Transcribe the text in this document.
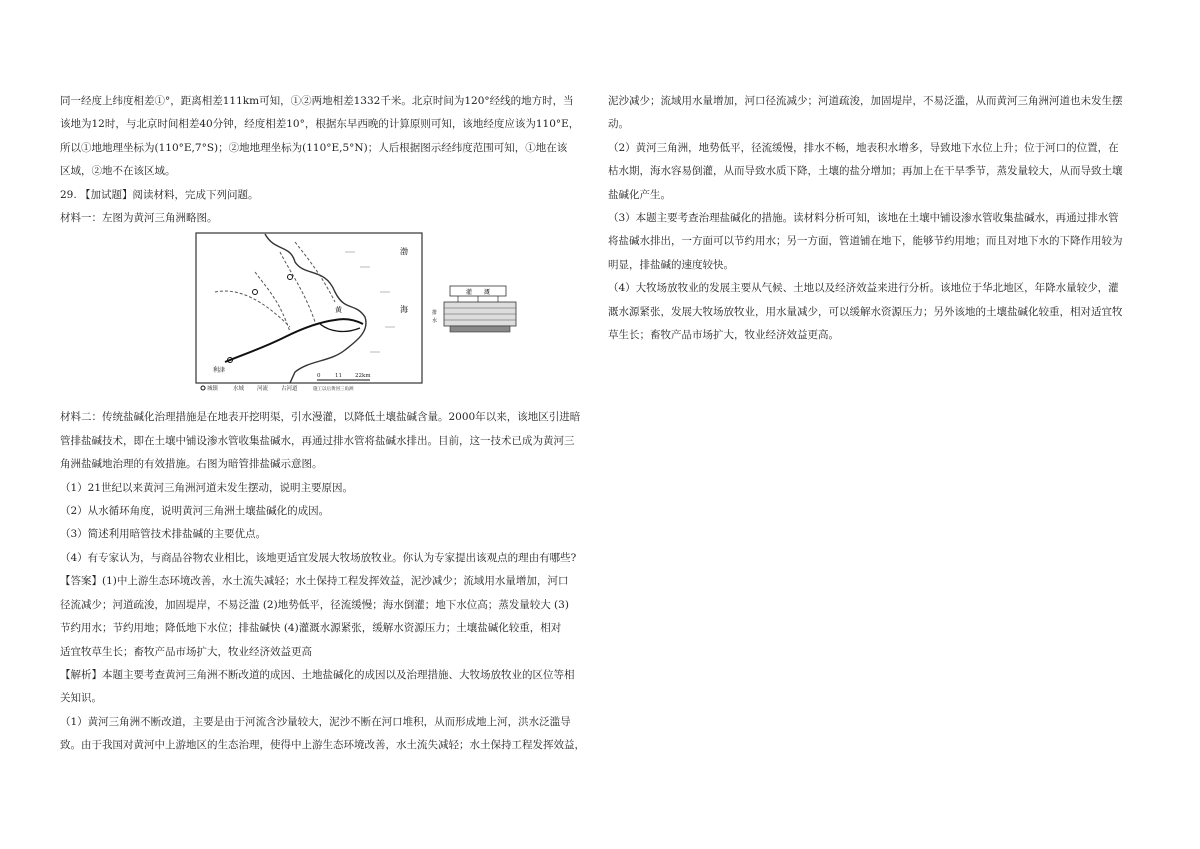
同一经度上纬度相差①°，距离相差111km可知，①②两地相差1332千米。北京时间为120°经线的地方时，当

该地为12时，与北京时间相差40分钟，经度相差10°，根据东早西晚的计算原则可知，该地经度应该为110°E，

所以①地地理坐标为(110°E,7°S)；②地地理坐标为(110°E,5°N)；人后根据图示经纬度范围可知，①地在该

区域，②地不在该区域。

29. 【加试题】阅读材料，完成下列问题。

材料一：左图为黄河三角洲略图。

渤
海
黄
利津
城镇	水域 河流 古河道
0	11 22km
施工以后黄河三角洲
灌 溉
排
水

材料二：传统盐碱化治理措施是在地表开挖明渠，引水漫灌，以降低土壤盐碱含量。2000年以来，该地区引进暗

管排盐碱技术，即在土壤中铺设渗水管收集盐碱水，再通过排水管将盐碱水排出。目前，这一技术已成为黄河三

角洲盐碱地治理的有效措施。右图为暗管排盐碱示意图。

（1）21世纪以来黄河三角洲河道未发生摆动，说明主要原因。

（2）从水循环角度，说明黄河三角洲土壤盐碱化的成因。

（3）简述利用暗管技术排盐碱的主要优点。

（4）有专家认为，与商品谷物农业相比，该地更适宜发展大牧场放牧业。你认为专家提出该观点的理由有哪些?

【答案】(1)中上游生态环境改善，水土流失减轻；水土保持工程发挥效益，泥沙减少；流域用水量增加，河口

径流减少；河道疏浚，加固堤岸，不易泛滥 (2)地势低平，径流缓慢；海水倒灌；地下水位高；蒸发量较大 (3)

节约用水；节约用地；降低地下水位；排盐碱快 (4)灌溉水源紧张，缓解水资源压力；土壤盐碱化较重，相对

适宜牧草生长；畜牧产品市场扩大，牧业经济效益更高

【解析】本题主要考查黄河三角洲不断改道的成因、土地盐碱化的成因以及治理措施、大牧场放牧业的区位等相

关知识。

（1）黄河三角洲不断改道，主要是由于河流含沙量较大，泥沙不断在河口堆积，从而形成地上河，洪水泛滥导

致。由于我国对黄河中上游地区的生态治理，使得中上游生态环境改善，水土流失减轻；水土保持工程发挥效益，

泥沙减少；流域用水量增加，河口径流减少；河道疏浚，加固堤岸，不易泛滥，从而黄河三角洲河道也未发生摆

动。

（2）黄河三角洲，地势低平，径流缓慢，排水不畅，地表积水增多，导致地下水位上升；位于河口的位置，在

枯水期，海水容易倒灌，从而导致水质下降，土壤的盐分增加；再加上在干旱季节，蒸发量较大，从而导致土壤

盐碱化产生。

（3）本题主要考查治理盐碱化的措施。读材料分析可知，该地在土壤中铺设渗水管收集盐碱水，再通过排水管

将盐碱水排出，一方面可以节约用水；另一方面，管道铺在地下，能够节约用地；而且对地下水的下降作用较为

明显，排盐碱的速度较快。

（4）大牧场放牧业的发展主要从气候、土地以及经济效益来进行分析。该地位于华北地区，年降水量较少，灌

溉水源紧张，发展大牧场放牧业，用水量减少，可以缓解水资源压力；另外该地的土壤盐碱化较重，相对适宜牧

草生长；畜牧产品市场扩大，牧业经济效益更高。
